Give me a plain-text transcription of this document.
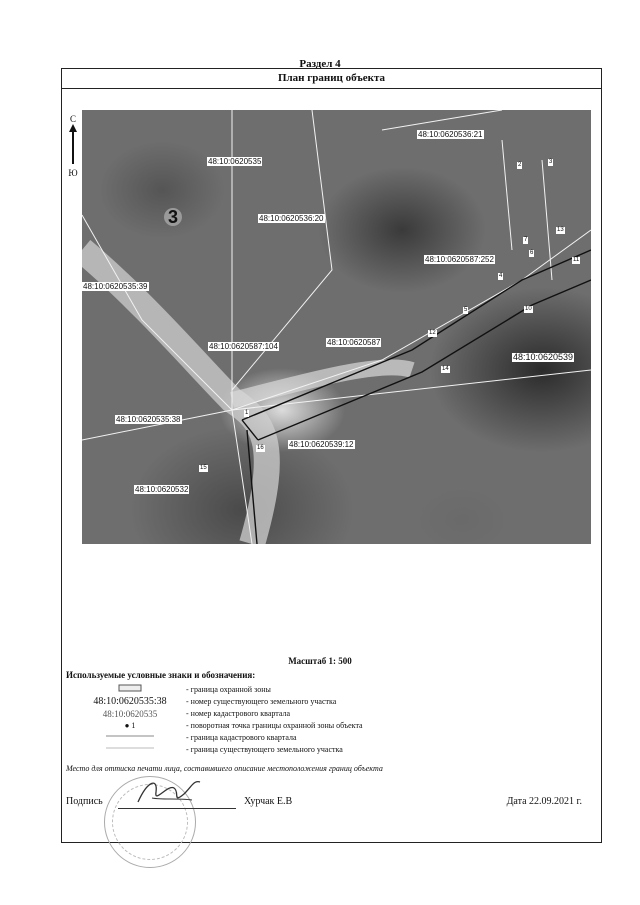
Раздел 4
План границ объекта
С
Ю
3
48:10:0620536:21
48:10:0620535
48:10:0620536:20
48:10:0620587:252
48:10:0620535:39
48:10:0620587:104	48:10:0620587
48:10:0620539
48:10:0620535:38
48:10:0620539:12
48:10:0620532
2	3
13
7
11
6
4
10
5
12
14
1
16
15
Масштаб 1: 500
Используемые условные знаки и обозначения:
- граница охранной зоны
48:10:0620535:38	- номер существующего земельного участка
48:10:0620535	- номер кадастрового квартала
● 1	- поворотная точка границы охранной зоны объекта
- граница кадастрового квартала
- граница существующего земельного участка
Место для оттиска печати лица, составившего описание местоположения границ объекта
Подпись	Хурчак Е.В	Дата 22.09.2021 г.
